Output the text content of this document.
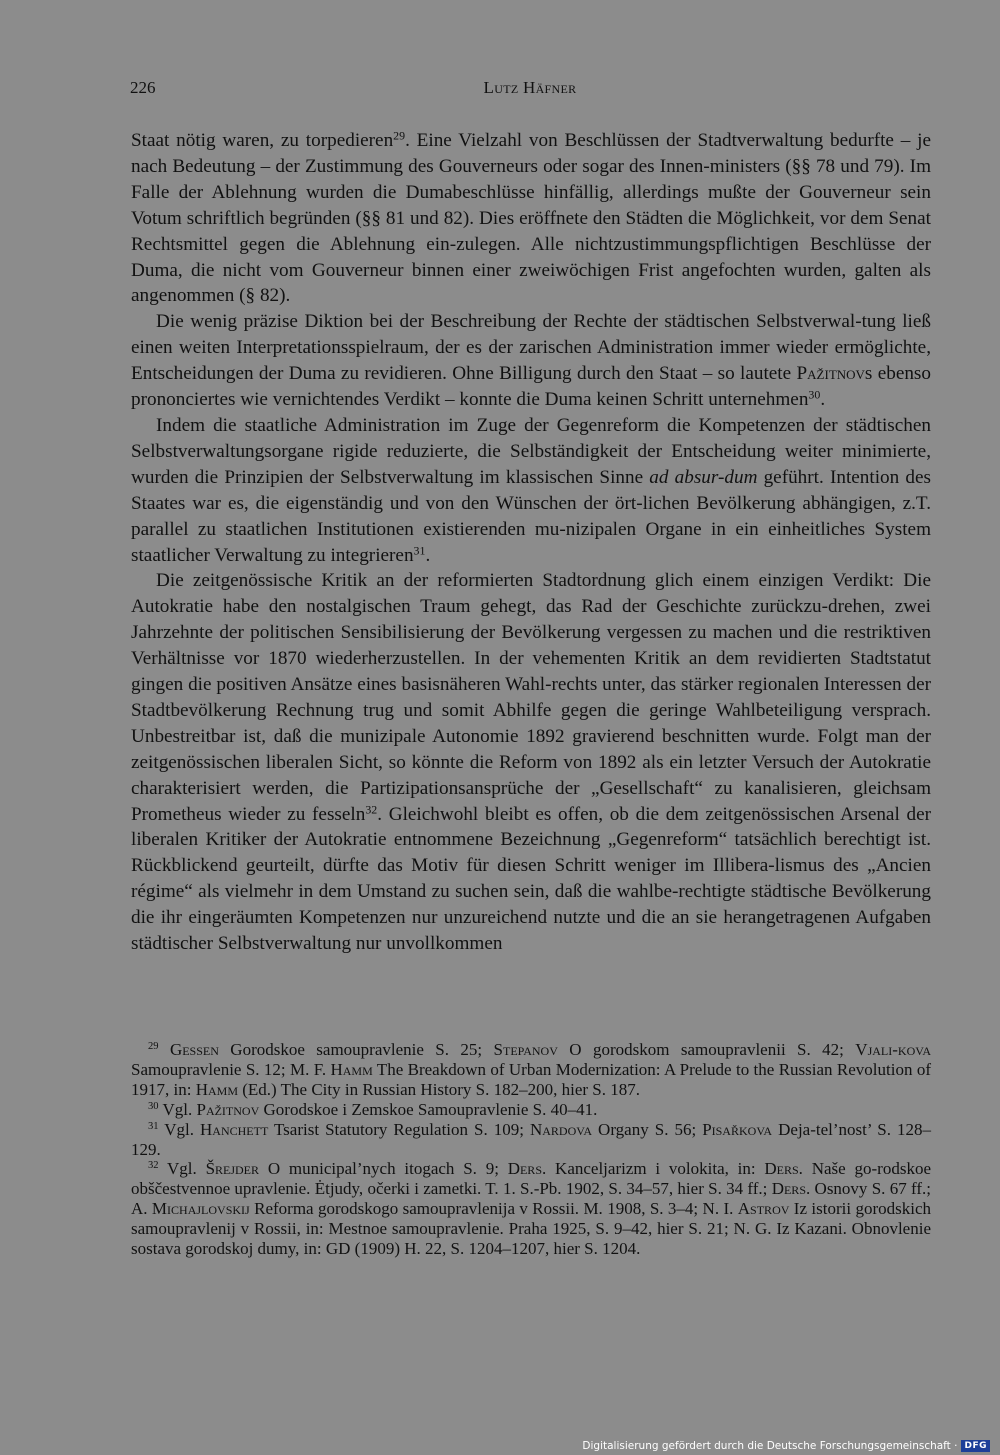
226	Lutz Häfner

Staat nötig waren, zu torpedieren$^{29}$. Eine Vielzahl von Beschlüssen der Stadtverwaltung bedurfte – je nach Bedeutung – der Zustimmung des Gouverneurs oder sogar des Innen-ministers (§§ 78 und 79). Im Falle der Ablehnung wurden die Dumabeschlüsse hinfällig, allerdings mußte der Gouverneur sein Votum schriftlich begründen (§§ 81 und 82). Dies eröffnete den Städten die Möglichkeit, vor dem Senat Rechtsmittel gegen die Ablehnung ein-zulegen. Alle nichtzustimmungspflichtigen Beschlüsse der Duma, die nicht vom Gouverneur binnen einer zweiwöchigen Frist angefochten wurden, galten als angenommen (§ 82).

Die wenig präzise Diktion bei der Beschreibung der Rechte der städtischen Selbstverwal-tung ließ einen weiten Interpretationsspielraum, der es der zarischen Administration immer wieder ermöglichte, Entscheidungen der Duma zu revidieren. Ohne Billigung durch den Staat – so lautete Pažitnovs ebenso prononciertes wie vernichtendes Verdikt – konnte die Duma keinen Schritt unternehmen$^{30}$.

Indem die staatliche Administration im Zuge der Gegenreform die Kompetenzen der städtischen Selbstverwaltungsorgane rigide reduzierte, die Selbständigkeit der Entscheidung weiter minimierte, wurden die Prinzipien der Selbstverwaltung im klassischen Sinne ad absur-dum geführt. Intention des Staates war es, die eigenständig und von den Wünschen der ört-lichen Bevölkerung abhängigen, z.T. parallel zu staatlichen Institutionen existierenden mu-nizipalen Organe in ein einheitliches System staatlicher Verwaltung zu integrieren$^{31}$.

Die zeitgenössische Kritik an der reformierten Stadtordnung glich einem einzigen Verdikt: Die Autokratie habe den nostalgischen Traum gehegt, das Rad der Geschichte zurückzu-drehen, zwei Jahrzehnte der politischen Sensibilisierung der Bevölkerung vergessen zu machen und die restriktiven Verhältnisse vor 1870 wiederherzustellen. In der vehementen Kritik an dem revidierten Stadtstatut gingen die positiven Ansätze eines basisnäheren Wahl-rechts unter, das stärker regionalen Interessen der Stadtbevölkerung Rechnung trug und somit Abhilfe gegen die geringe Wahlbeteiligung versprach. Unbestreitbar ist, daß die munizipale Autonomie 1892 gravierend beschnitten wurde. Folgt man der zeitgenössischen liberalen Sicht, so könnte die Reform von 1892 als ein letzter Versuch der Autokratie charakterisiert werden, die Partizipationsansprüche der „Gesellschaft“ zu kanalisieren, gleichsam Prometheus wieder zu fesseln$^{32}$. Gleichwohl bleibt es offen, ob die dem zeitgenössischen Arsenal der liberalen Kritiker der Autokratie entnommene Bezeichnung „Gegenreform“ tatsächlich berechtigt ist. Rückblickend geurteilt, dürfte das Motiv für diesen Schritt weniger im Illibera-lismus des „Ancien régime“ als vielmehr in dem Umstand zu suchen sein, daß die wahlbe-rechtigte städtische Bevölkerung die ihr eingeräumten Kompetenzen nur unzureichend nutzte und die an sie herangetragenen Aufgaben städtischer Selbstverwaltung nur unvollkommen

$^{29}$ Gessen Gorodskoe samoupravlenie S. 25; Stepanov O gorodskom samoupravlenii S. 42; Vjali-kova Samoupravlenie S. 12; M. F. Hamm The Breakdown of Urban Modernization: A Prelude to the Russian Revolution of 1917, in: Hamm (Ed.) The City in Russian History S. 182–200, hier S. 187.

$^{30}$ Vgl. Pažitnov Gorodskoe i Zemskoe Samoupravlenie S. 40–41.

$^{31}$ Vgl. Hanchett Tsarist Statutory Regulation S. 109; Nardova Organy S. 56; Pisařkova Deja-tel’nost’ S. 128–129.

$^{32}$ Vgl. Šrejder O municipal’nych itogach S. 9; Ders. Kanceljarizm i volokita, in: Ders. Naše go-rodskoe obščestvennoe upravlenie. Ėtjudy, očerki i zametki. T. 1. S.-Pb. 1902, S. 34–57, hier S. 34 ff.; Ders. Osnovy S. 67 ff.; A. Michajlovskij Reforma gorodskogo samoupravlenija v Rossii. M. 1908, S. 3–4; N. I. Astrov Iz istorii gorodskich samoupravlenij v Rossii, in: Mestnoe samoupravlenie. Praha 1925, S. 9–42, hier S. 21; N. G. Iz Kazani. Obnovlenie sostava gorodskoj dumy, in: GD (1909) H. 22, S. 1204–1207, hier S. 1204.

Digitalisierung gefördert durch die Deutsche Forschungsgemeinschaft · DFG
